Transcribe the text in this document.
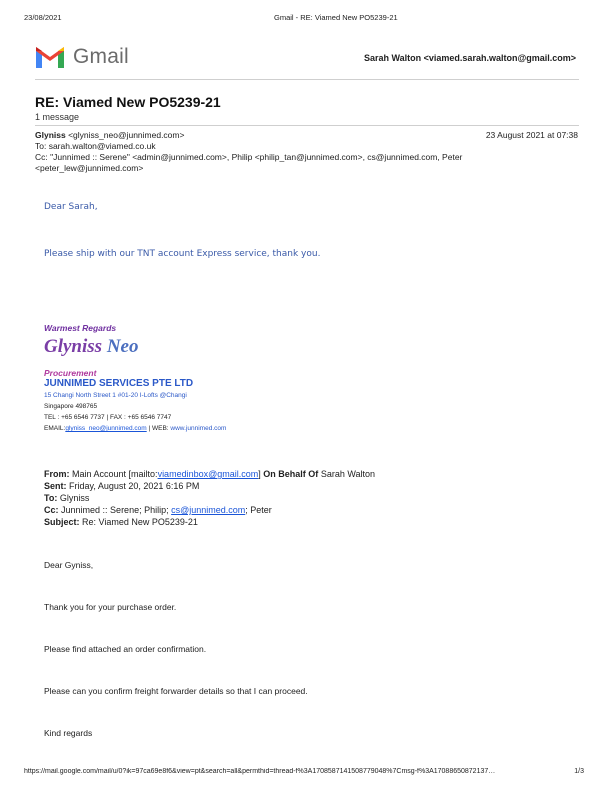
23/08/2021	Gmail - RE: Viamed New PO5239-21
Gmail	Sarah Walton <viamed.sarah.walton@gmail.com>
RE: Viamed New PO5239-21
1 message
Glyniss <glyniss_neo@junnimed.com>	23 August 2021 at 07:38
To: sarah.walton@viamed.co.uk
Cc: "Junnimed :: Serene" <admin@junnimed.com>, Philip <philip_tan@junnimed.com>, cs@junnimed.com, Peter
<peter_lew@junnimed.com>
Dear Sarah,
Please ship with our TNT account Express service, thank you.
Warmest Regards
Glyniss Neo
Procurement
JUNNIMED SERVICES PTE LTD
15 Changi North Street 1 #01-20 I-Lofts @Changi
Singapore 498765
TEL : +65 6546 7737 | FAX : +65 6546 7747
EMAIL:glyniss_neo@junnimed.com | WEB: www.junnimed.com
From: Main Account [mailto:viamedinbox@gmail.com] On Behalf Of Sarah Walton
Sent: Friday, August 20, 2021 6:16 PM
To: Glyniss
Cc: Junnimed :: Serene; Philip; cs@junnimed.com; Peter
Subject: Re: Viamed New PO5239-21
Dear Gyniss,
Thank you for your purchase order.
Please find attached an order confirmation.
Please can you confirm freight forwarder details so that I can proceed.
Kind regards
https://mail.google.com/mail/u/0?ik=97ca69e8f6&view=pt&search=all&permthid=thread-f%3A1708587141508779048%7Cmsg-f%3A17088650872137…	1/3
